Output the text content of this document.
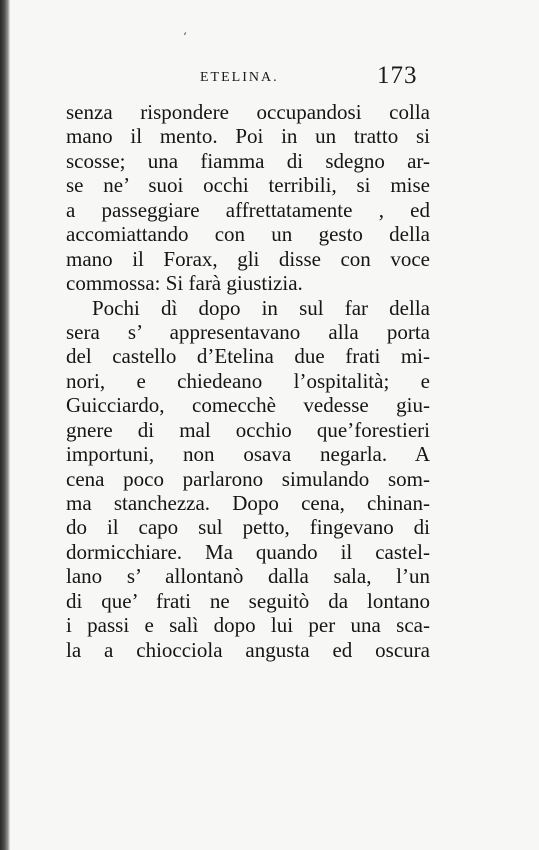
‘
ETELINA.	173
senza rispondere occupandosi colla
mano il mento. Poi in un tratto si
scosse; una fiamma di sdegno ar-
se ne’ suoi occhi terribili, si mise
a passeggiare affrettatamente , ed
accomiattando con un gesto della
mano il Forax, gli disse con voce
commossa: Si farà giustizia.
Pochi dì dopo in sul far della
sera s’ appresentavano alla porta
del castello d’Etelina due frati mi-
nori, e chiedeano l’ospitalità; e
Guicciardo, comecchè vedesse giu-
gnere di mal occhio que’forestieri
importuni, non osava negarla. A
cena poco parlarono simulando som-
ma stanchezza. Dopo cena, chinan-
do il capo sul petto, fingevano di
dormicchiare. Ma quando il castel-
lano s’ allontanò dalla sala, l’un
di que’ frati ne seguitò da lontano
i passi e salì dopo lui per una sca-
la a chiocciola angusta ed oscura
